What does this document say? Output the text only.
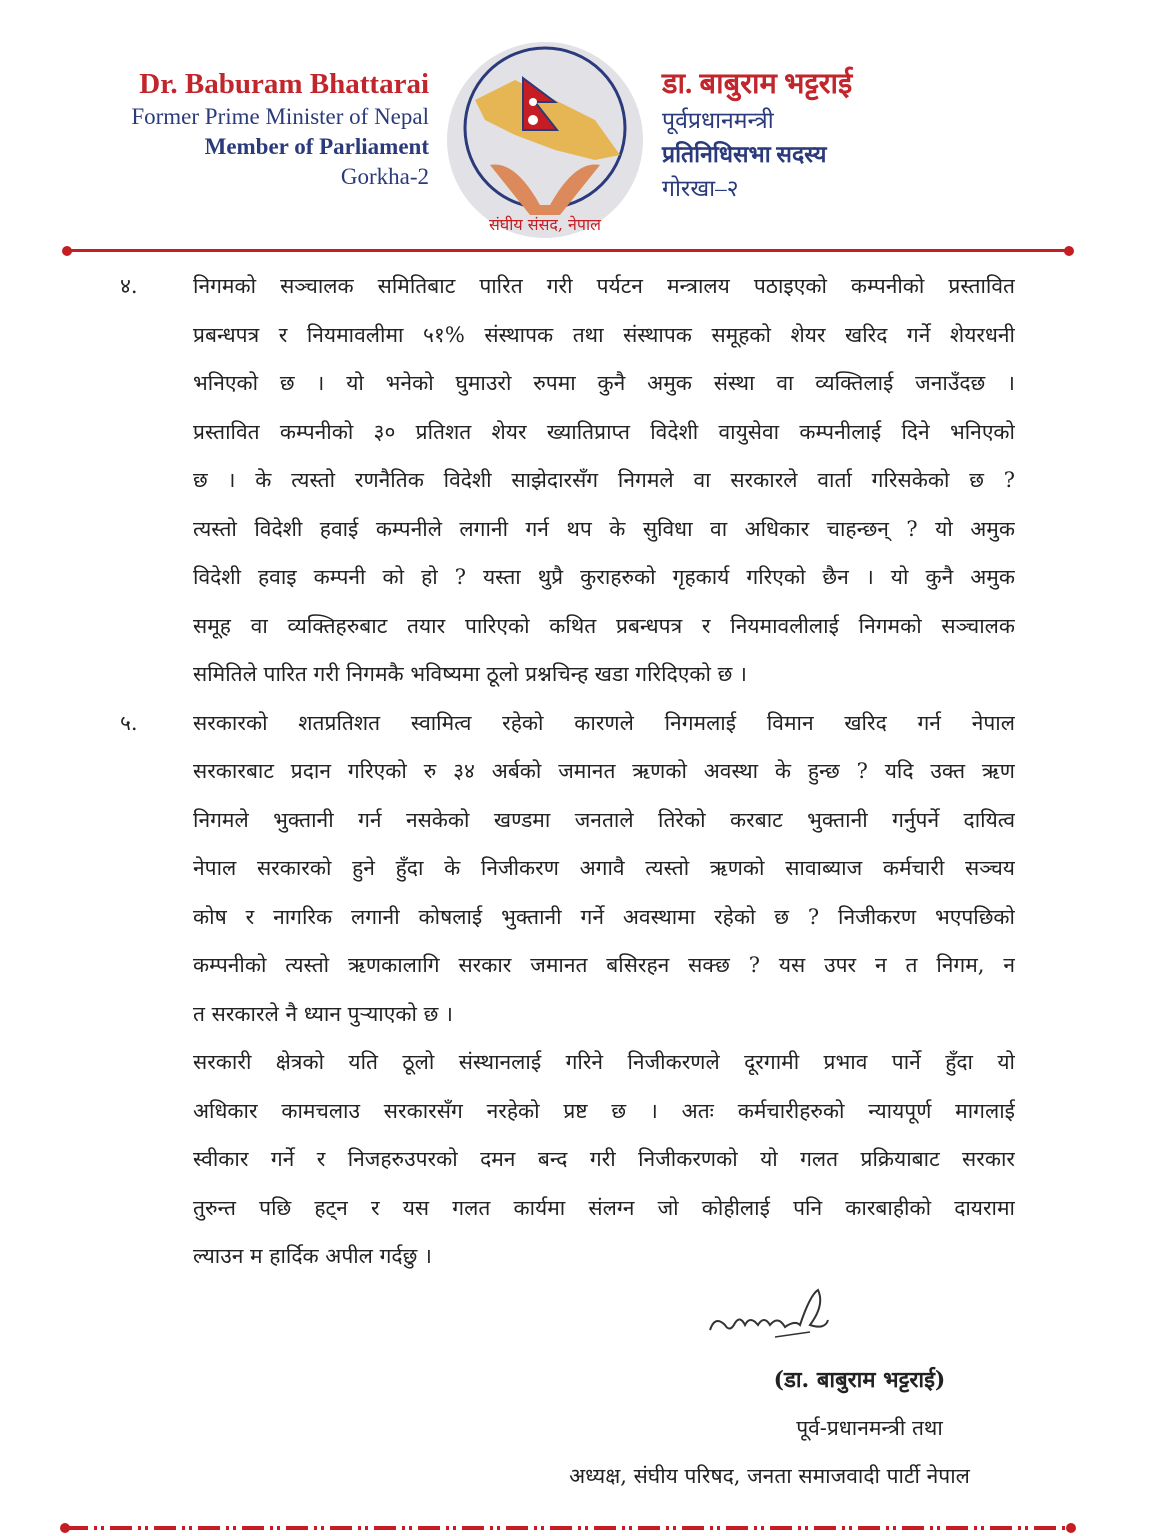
Dr. Baburam Bhattarai
Former Prime Minister of Nepal
Member of Parliament
Gorkha-2
संघीय संसद, नेपाल
डा. बाबुराम भट्टराई
पूर्वप्रधानमन्त्री
प्रतिनिधिसभा सदस्य
गोरखा–२
४.	निगमको सञ्चालक समितिबाट पारित गरी पर्यटन मन्त्रालय पठाइएको कम्पनीको प्रस्तावित
प्रबन्धपत्र र नियमावलीमा ५१% संस्थापक तथा संस्थापक समूहको शेयर खरिद गर्ने शेयरधनी
भनिएको छ । यो भनेको घुमाउरो रुपमा कुनै अमुक संस्था वा व्यक्तिलाई जनाउँदछ ।
प्रस्तावित कम्पनीको ३० प्रतिशत शेयर ख्यातिप्राप्त विदेशी वायुसेवा कम्पनीलाई दिने भनिएको
छ । के त्यस्तो रणनैतिक विदेशी साझेदारसँग निगमले वा सरकारले वार्ता गरिसकेको छ ?
त्यस्तो विदेशी हवाई कम्पनीले लगानी गर्न थप के सुविधा वा अधिकार चाहन्छन् ? यो अमुक
विदेशी हवाइ कम्पनी को हो ? यस्ता थुप्रै कुराहरुको गृहकार्य गरिएको छैन । यो कुनै अमुक
समूह वा व्यक्तिहरुबाट तयार पारिएको कथित प्रबन्धपत्र र नियमावलीलाई निगमको सञ्चालक
समितिले पारित गरी निगमकै भविष्यमा ठूलो प्रश्नचिन्ह खडा गरिदिएको छ ।
५.	सरकारको शतप्रतिशत स्वामित्व रहेको कारणले निगमलाई विमान खरिद गर्न नेपाल
सरकारबाट प्रदान गरिएको रु ३४ अर्बको जमानत ऋणको अवस्था के हुन्छ ? यदि उक्त ऋण
निगमले भुक्तानी गर्न नसकेको खण्डमा जनताले तिरेको करबाट भुक्तानी गर्नुपर्ने दायित्व
नेपाल सरकारको हुने हुँदा के निजीकरण अगावै त्यस्तो ऋणको सावाब्याज कर्मचारी सञ्चय
कोष र नागरिक लगानी कोषलाई भुक्तानी गर्ने अवस्थामा रहेको छ ? निजीकरण भएपछिको
कम्पनीको त्यस्तो ऋणकालागि सरकार जमानत बसिरहन सक्छ ? यस उपर न त निगम, न
त सरकारले नै ध्यान पुऱ्याएको छ ।
सरकारी क्षेत्रको यति ठूलो संस्थानलाई गरिने निजीकरणले दूरगामी प्रभाव पार्ने हुँदा यो
अधिकार कामचलाउ सरकारसँग नरहेको प्रष्ट छ । अतः कर्मचारीहरुको न्यायपूर्ण मागलाई
स्वीकार गर्ने र निजहरुउपरको दमन बन्द गरी निजीकरणको यो गलत प्रक्रियाबाट सरकार
तुरुन्त पछि हट्न र यस गलत कार्यमा संलग्न जो कोहीलाई पनि कारबाहीको दायरामा
ल्याउन म हार्दिक अपील गर्दछु ।
(डा. बाबुराम भट्टराई)
पूर्व-प्रधानमन्त्री तथा
अध्यक्ष, संघीय परिषद, जनता समाजवादी पार्टी नेपाल
